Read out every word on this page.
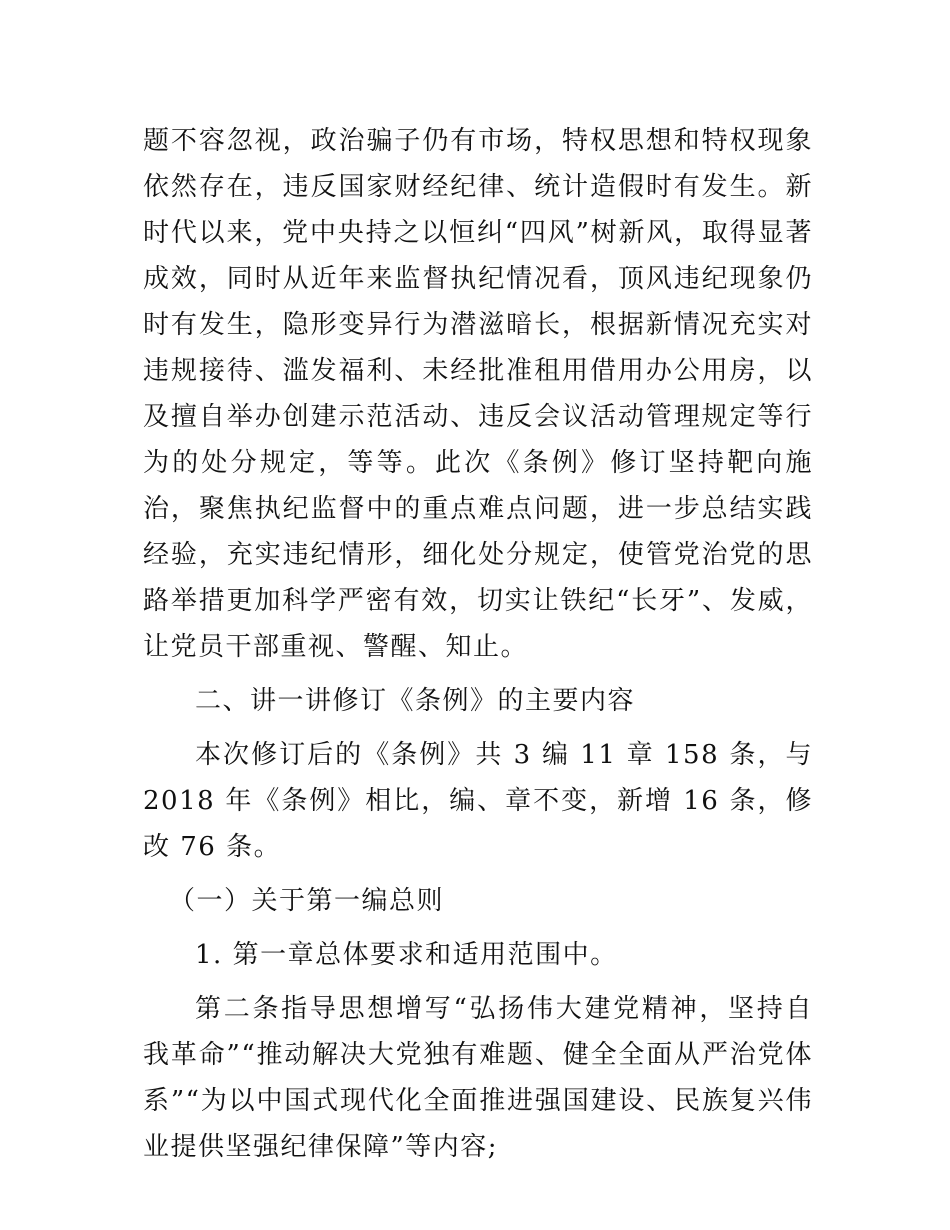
题不容忽视，政治骗子仍有市场，特权思想和特权现象依然存在，违反国家财经纪律、统计造假时有发生。新时代以来，党中央持之以恒纠“四风”树新风，取得显著成效，同时从近年来监督执纪情况看，顶风违纪现象仍时有发生，隐形变异行为潜滋暗长，根据新情况充实对违规接待、滥发福利、未经批准租用借用办公用房，以及擅自举办创建示范活动、违反会议活动管理规定等行为的处分规定，等等。此次《条例》修订坚持靶向施治，聚焦执纪监督中的重点难点问题，进一步总结实践经验，充实违纪情形，细化处分规定，使管党治党的思路举措更加科学严密有效，切实让铁纪“长牙”、发威，让党员干部重视、警醒、知止。

二、讲一讲修订《条例》的主要内容

本次修订后的《条例》共 3 编 11 章 158 条，与 2018 年《条例》相比，编、章不变，新增 16 条，修改 76 条。

（一）关于第一编总则

1. 第一章总体要求和适用范围中。

第二条指导思想增写“弘扬伟大建党精神，坚持自我革命”“推动解决大党独有难题、健全全面从严治党体系”“为以中国式现代化全面推进强国建设、民族复兴伟业提供坚强纪律保障”等内容;
